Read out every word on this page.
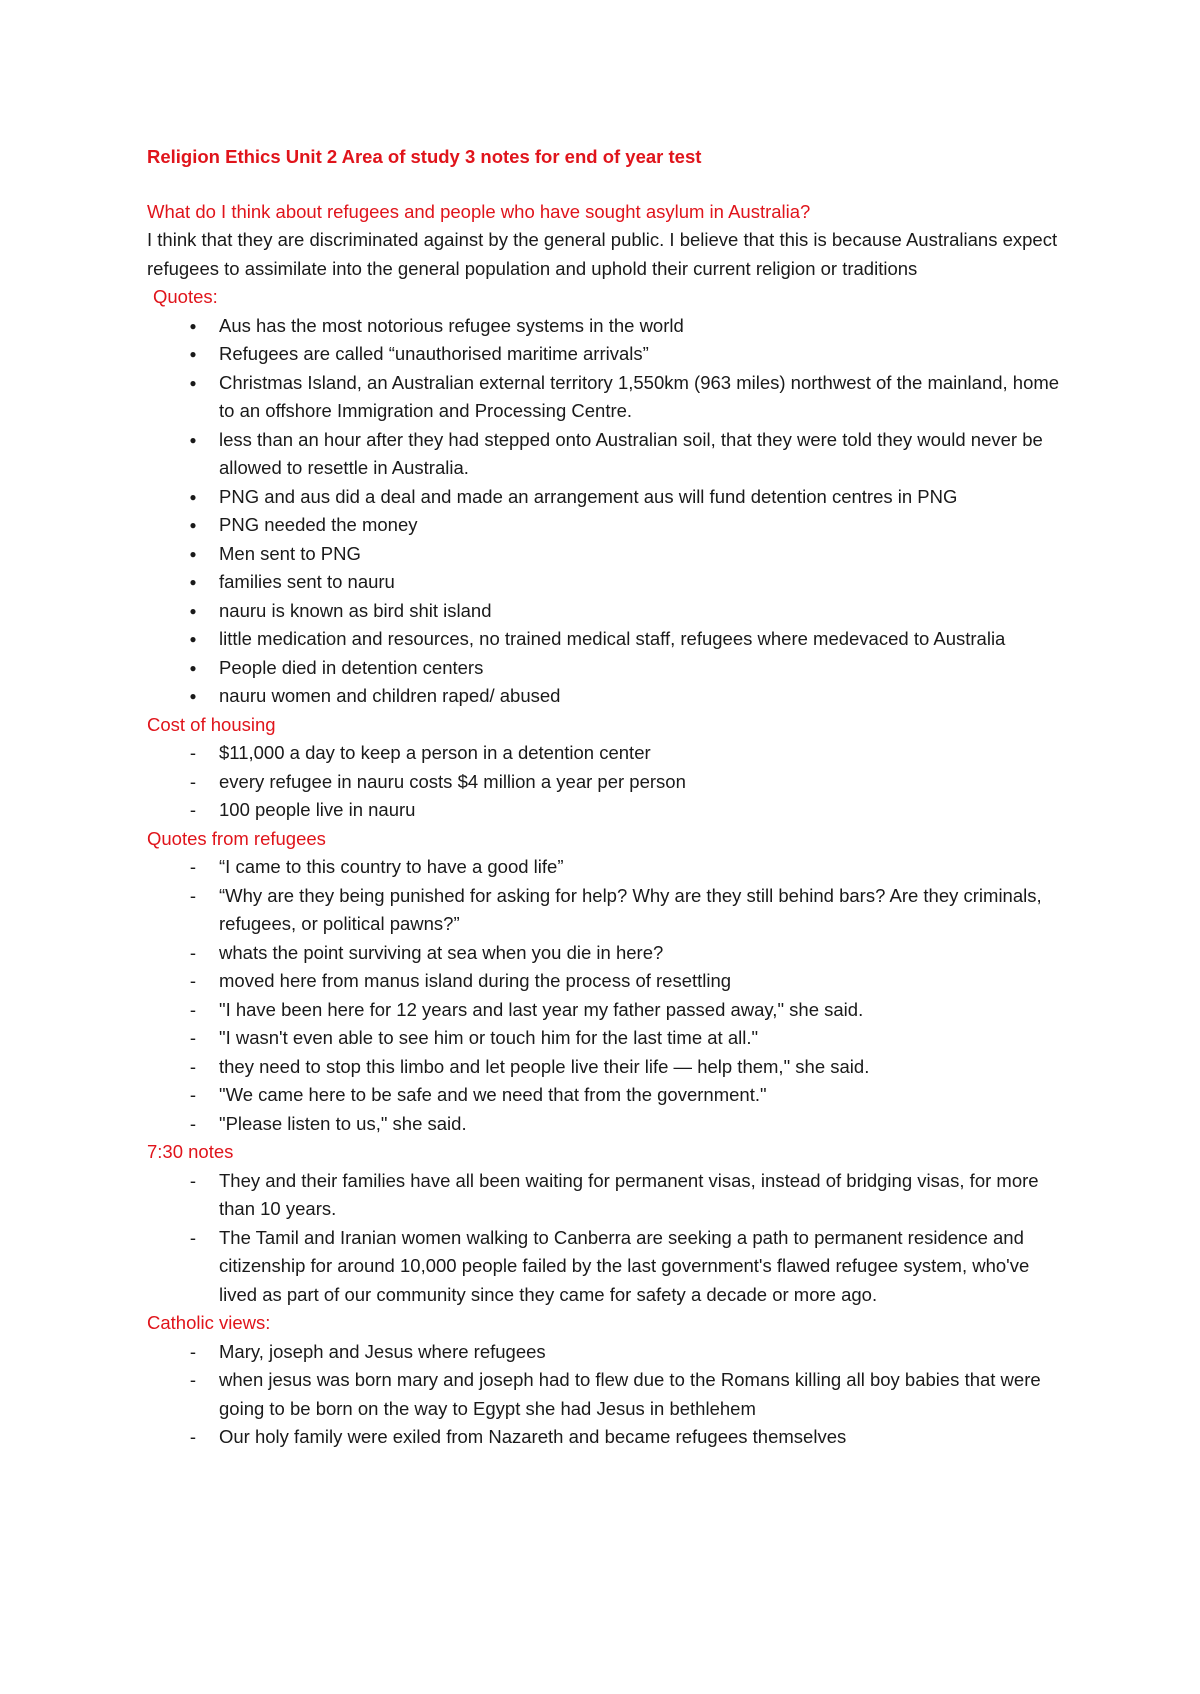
Religion Ethics Unit 2 Area of study 3 notes for end of year test

What do I think about refugees and people who have sought asylum in Australia?

I think that they are discriminated against by the general public. I believe that this is because Australians expect refugees to assimilate into the general population and uphold their current religion or traditions

Quotes:

●	Aus has the most notorious refugee systems in the world
●	Refugees are called “unauthorised maritime arrivals”
●	Christmas Island, an Australian external territory 1,550km (963 miles) northwest of the mainland, home to an offshore Immigration and Processing Centre.
●	less than an hour after they had stepped onto Australian soil, that they were told they would never be allowed to resettle in Australia.
●	PNG and aus did a deal and made an arrangement aus will fund detention centres in PNG
●	PNG needed the money
●	Men sent to PNG
●	families sent to nauru
●	nauru is known as bird shit island
●	little medication and resources, no trained medical staff, refugees where medevaced to Australia
●	People died in detention centers
●	nauru women and children raped/ abused

Cost of housing

-	$11,000 a day to keep a person in a detention center
-	every refugee in nauru costs $4 million a year per person
-	100 people live in nauru

Quotes from refugees

-	“I came to this country to have a good life”
-	“Why are they being punished for asking for help? Why are they still behind bars? Are they criminals, refugees, or political pawns?”
-	whats the point surviving at sea when you die in here?
-	moved here from manus island during the process of resettling
-	"I have been here for 12 years and last year my father passed away," she said.
-	"I wasn't even able to see him or touch him for the last time at all."
-	they need to stop this limbo and let people live their life — help them," she said.
-	"We came here to be safe and we need that from the government."
-	"Please listen to us," she said.

7:30 notes

-	They and their families have all been waiting for permanent visas, instead of bridging visas, for more than 10 years.
-	The Tamil and Iranian women walking to Canberra are seeking a path to permanent residence and citizenship for around 10,000 people failed by the last government's flawed refugee system, who've lived as part of our community since they came for safety a decade or more ago.

Catholic views:

-	Mary, joseph and Jesus where refugees
-	when jesus was born mary and joseph had to flew due to the Romans killing all boy babies that were going to be born on the way to Egypt she had Jesus in bethlehem
-	Our holy family were exiled from Nazareth and became refugees themselves
